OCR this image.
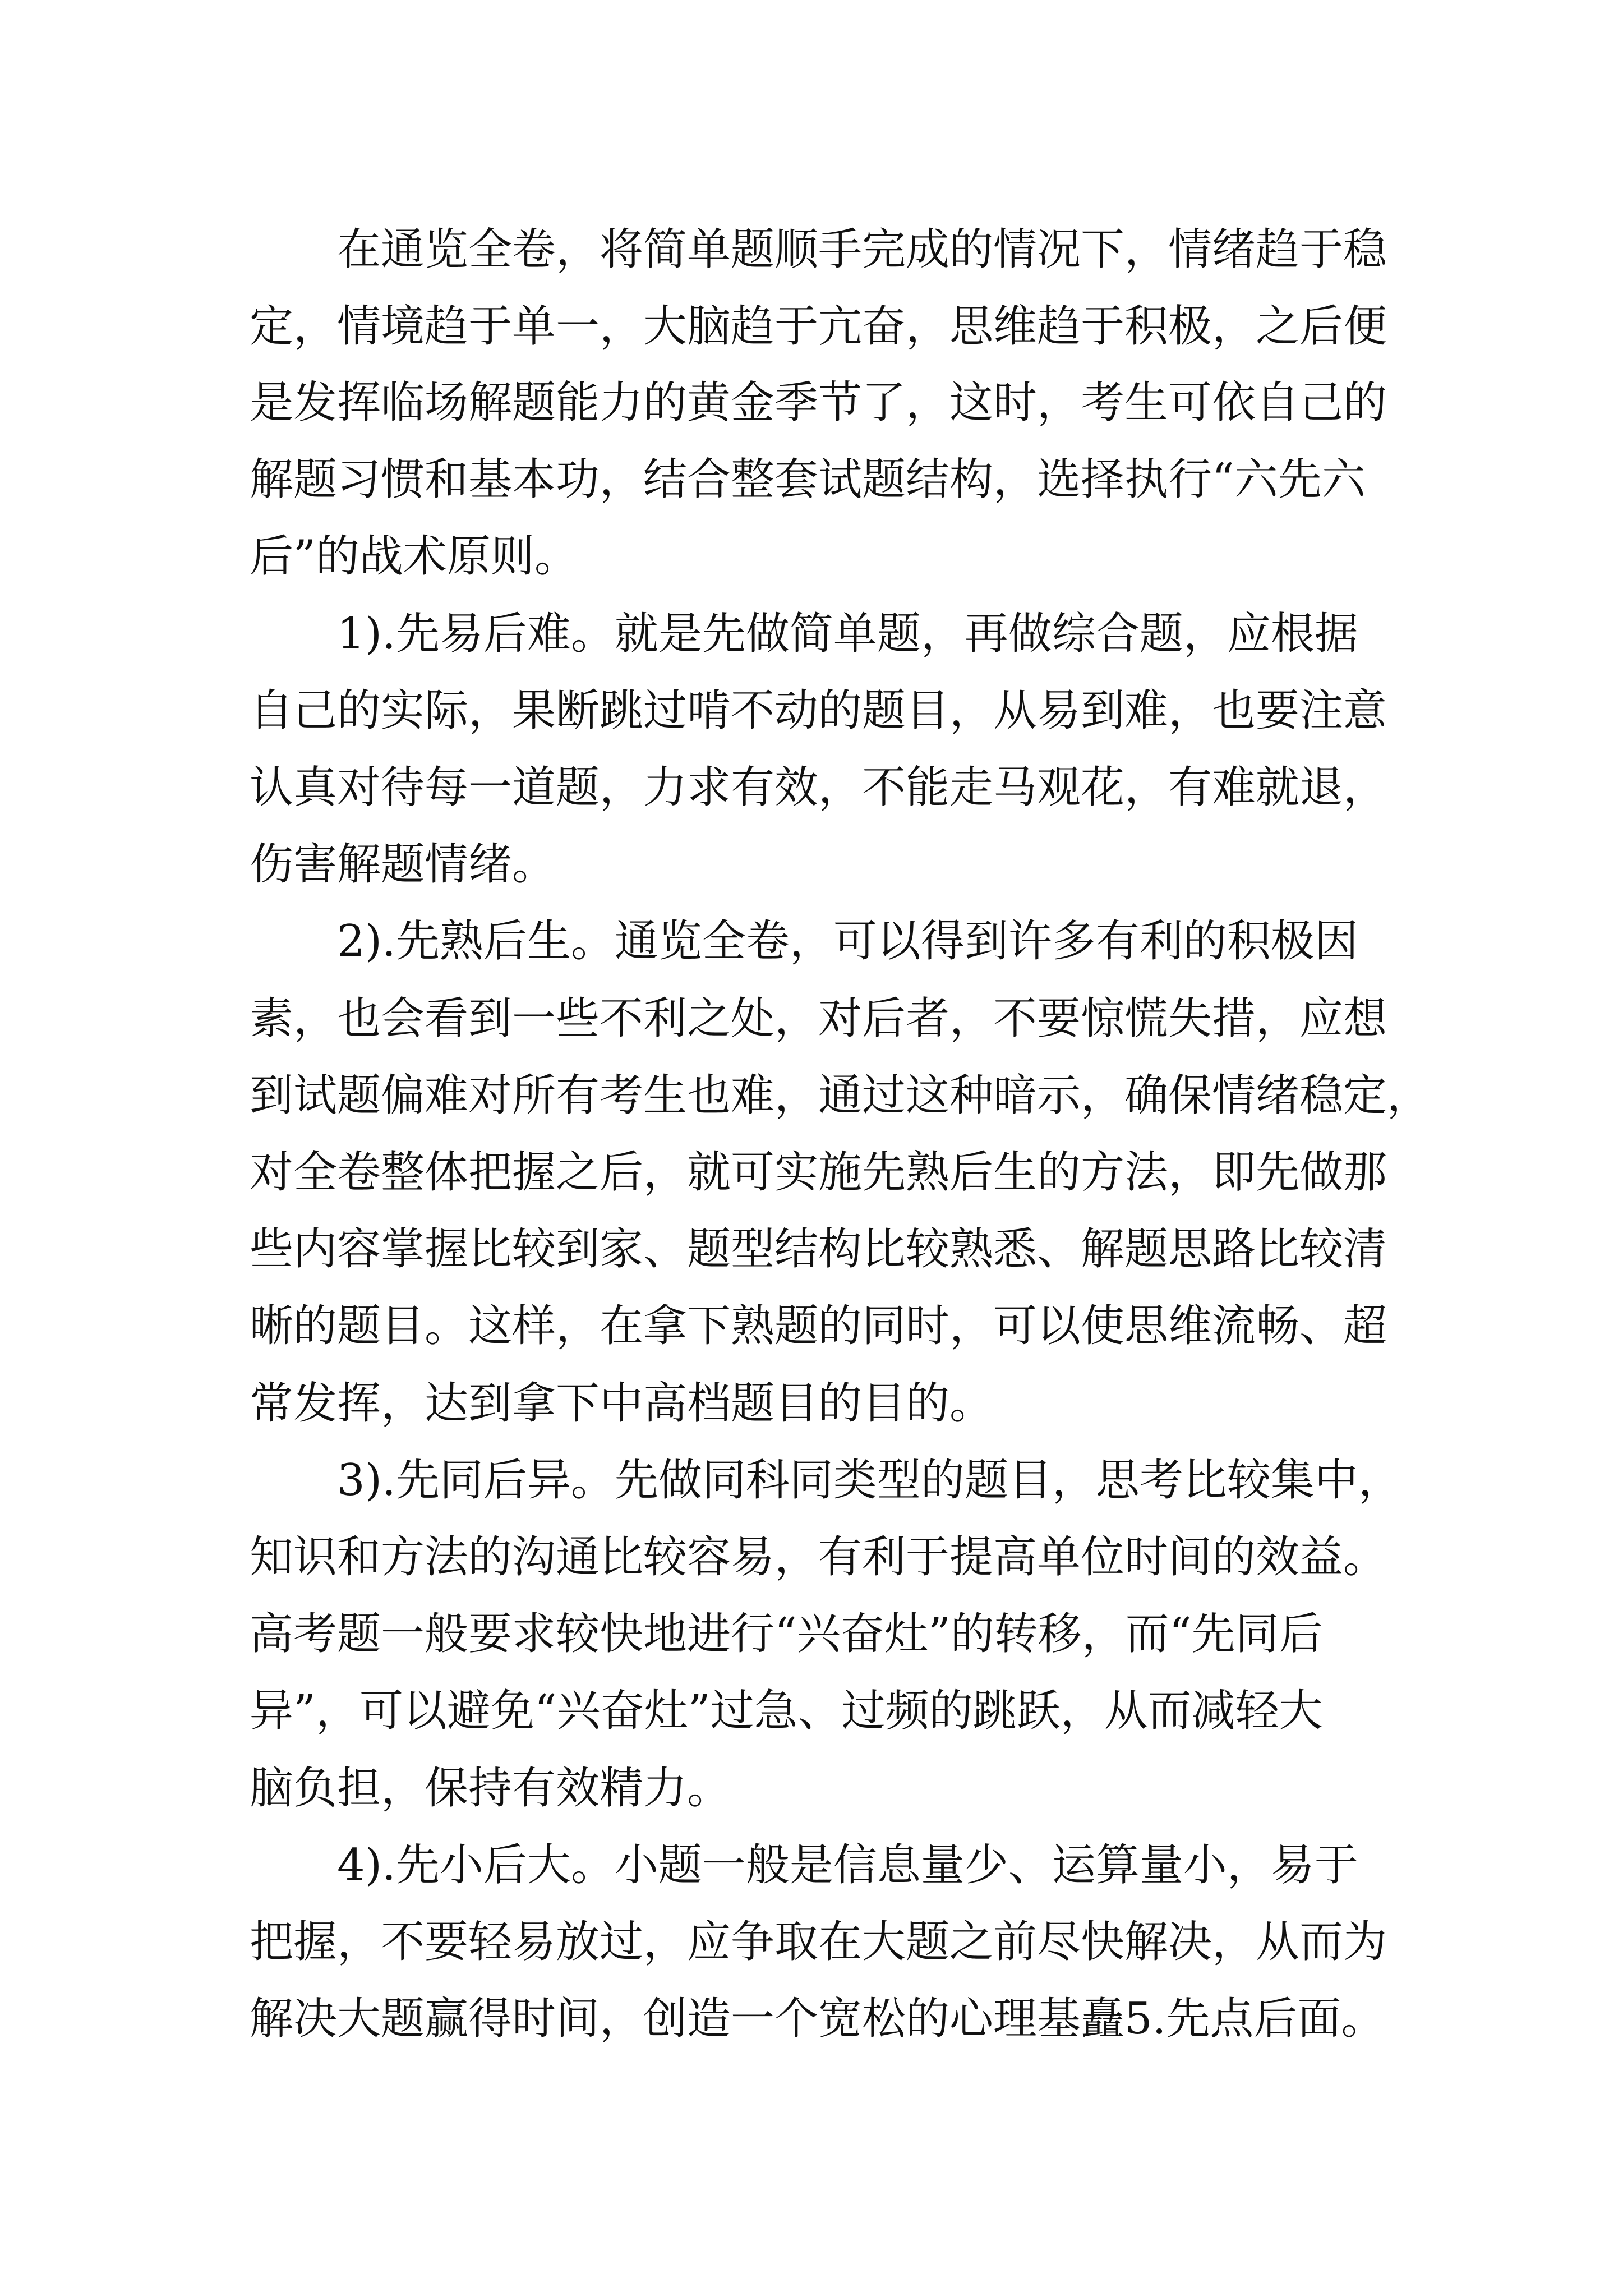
　　在通览全卷，将简单题顺手完成的情况下，情绪趋于稳

定，情境趋于单一，大脑趋于亢奋，思维趋于积极，之后便

是发挥临场解题能力的黄金季节了，这时，考生可依自己的

解题习惯和基本功，结合整套试题结构，选择执行“六先六

后”的战术原则。

　　1).先易后难。就是先做简单题，再做综合题，应根据

自己的实际，果断跳过啃不动的题目，从易到难，也要注意

认真对待每一道题，力求有效，不能走马观花，有难就退，

伤害解题情绪。

　　2).先熟后生。通览全卷，可以得到许多有利的积极因

素，也会看到一些不利之处，对后者，不要惊慌失措，应想

到试题偏难对所有考生也难，通过这种暗示，确保情绪稳定，

对全卷整体把握之后，就可实施先熟后生的方法，即先做那

些内容掌握比较到家、题型结构比较熟悉、解题思路比较清

晰的题目。这样，在拿下熟题的同时，可以使思维流畅、超

常发挥，达到拿下中高档题目的目的。

　　3).先同后异。先做同科同类型的题目，思考比较集中，

知识和方法的沟通比较容易，有利于提高单位时间的效益。

高考题一般要求较快地进行“兴奋灶”的转移，而“先同后

异”，可以避免“兴奋灶”过急、过频的跳跃，从而减轻大

脑负担，保持有效精力。

　　4).先小后大。小题一般是信息量少、运算量小，易于

把握，不要轻易放过，应争取在大题之前尽快解决，从而为

解决大题赢得时间，创造一个宽松的心理基矗5.先点后面。
